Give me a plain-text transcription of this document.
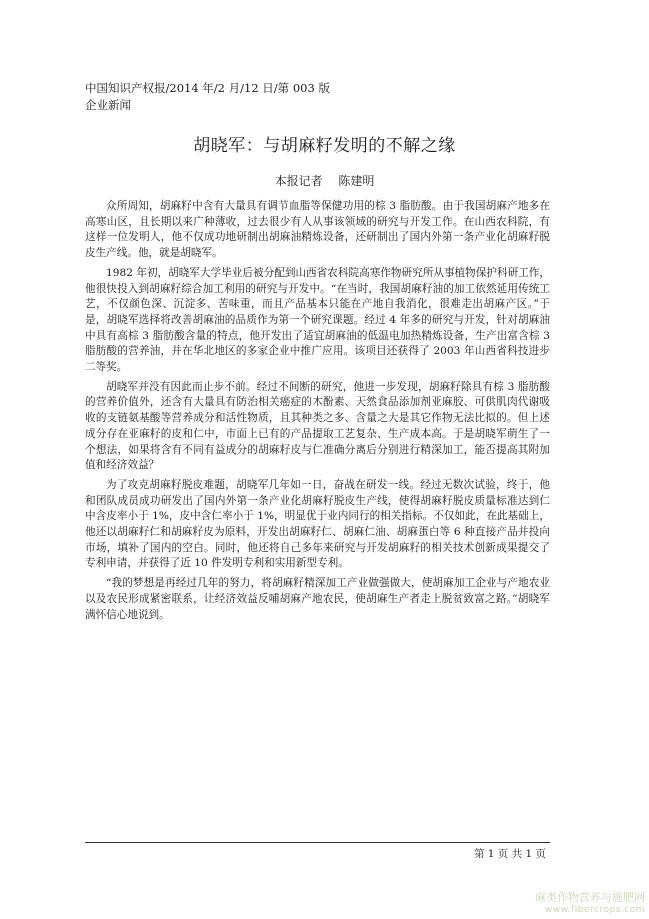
中国知识产权报/2014 年/2 月/12 日/第 003 版
企业新闻
胡晓军：与胡麻籽发明的不解之缘
本报记者 陈建明

众所周知，胡麻籽中含有大量具有调节血脂等保健功用的棕 3 脂肪酸。由于我国胡麻产地多在高寒山区，且长期以来广种薄收，过去很少有人从事该领域的研究与开发工作。在山西农科院，有这样一位发明人，他不仅成功地研制出胡麻油精炼设备，还研制出了国内外第一条产业化胡麻籽脱皮生产线。他，就是胡晓军。

1982 年初，胡晓军大学毕业后被分配到山西省农科院高寒作物研究所从事植物保护科研工作，他很快投入到胡麻籽综合加工利用的研究与开发中。“在当时，我国胡麻籽油的加工依然延用传统工艺，不仅颜色深、沉淀多、苦味重，而且产品基本只能在产地自我消化，很难走出胡麻产区。”于是，胡晓军选择将改善胡麻油的品质作为第一个研究课题。经过 4 年多的研究与开发，针对胡麻油中具有高棕 3 脂肪酸含量的特点，他开发出了适宜胡麻油的低温电加热精炼设备，生产出富含棕 3 脂肪酸的营养油，并在华北地区的多家企业中推广应用。该项目还获得了 2003 年山西省科技进步二等奖。

胡晓军并没有因此而止步不前。经过不间断的研究，他进一步发现，胡麻籽除具有棕 3 脂肪酸的营养价值外，还含有大量具有防治相关癌症的木酚素、天然食品添加剂亚麻胶、可供肌肉代谢吸收的支链氨基酸等营养成分和活性物质，且其种类之多、含量之大是其它作物无法比拟的。但上述成分存在亚麻籽的皮和仁中，市面上已有的产品提取工艺复杂、生产成本高。于是胡晓军萌生了一个想法，如果将含有不同有益成分的胡麻籽皮与仁准确分离后分别进行精深加工，能否提高其附加值和经济效益？

为了攻克胡麻籽脱皮难题，胡晓军几年如一日，奋战在研发一线。经过无数次试验，终于，他和团队成员成功研发出了国内外第一条产业化胡麻籽脱皮生产线，使得胡麻籽脱皮质量标准达到仁中含皮率小于 1%，皮中含仁率小于 1%，明显优于业内同行的相关指标。不仅如此，在此基础上，他还以胡麻籽仁和胡麻籽皮为原料，开发出胡麻籽仁、胡麻仁油、胡麻蛋白等 6 种直接产品并投向市场，填补了国内的空白。同时，他还将自己多年来研究与开发胡麻籽的相关技术创新成果提交了专利申请，并获得了近 10 件发明专利和实用新型专利。

“我的梦想是再经过几年的努力，将胡麻籽精深加工产业做强做大，使胡麻加工企业与产地农业以及农民形成紧密联系，让经济效益反哺胡麻产地农民，使胡麻生产者走上脱贫致富之路。”胡晓军满怀信心地说到。

第 1 页 共 1 页
麻类作物营养与施肥网
www.fibercrops.com
